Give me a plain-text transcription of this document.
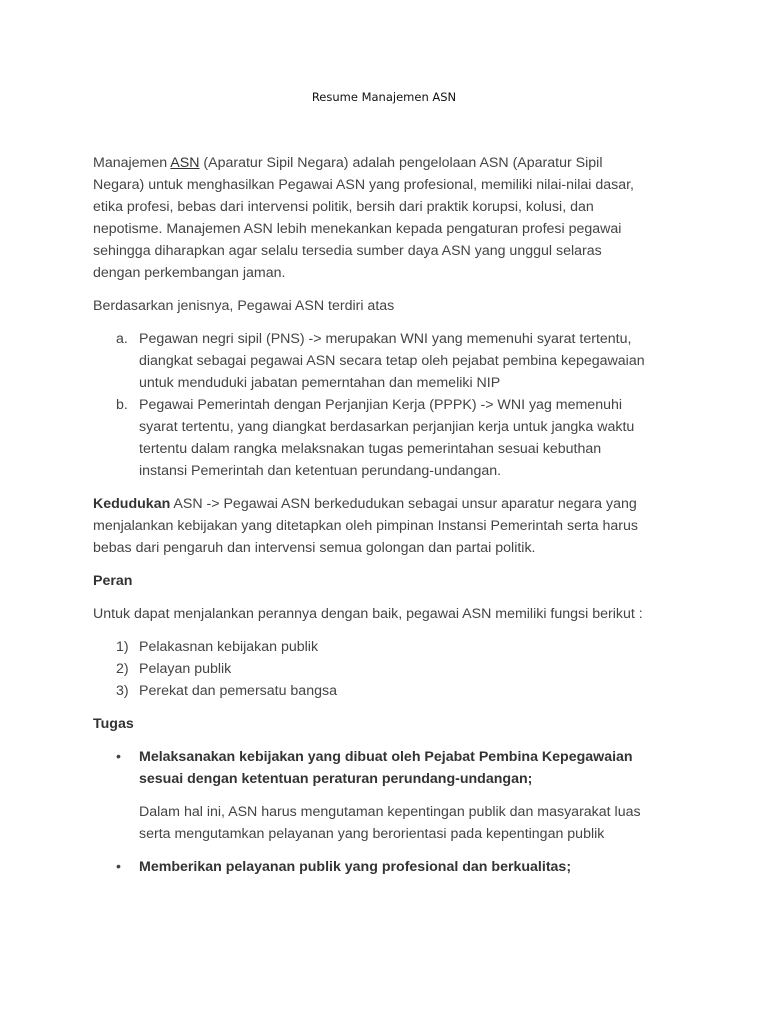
Resume Manajemen ASN

Manajemen ASN (Aparatur Sipil Negara) adalah pengelolaan ASN (Aparatur Sipil
Negara) untuk menghasilkan Pegawai ASN yang profesional, memiliki nilai-nilai dasar,
etika profesi, bebas dari intervensi politik, bersih dari praktik korupsi, kolusi, dan
nepotisme. Manajemen ASN lebih menekankan kepada pengaturan profesi pegawai
sehingga diharapkan agar selalu tersedia sumber daya ASN yang unggul selaras
dengan perkembangan jaman.

Berdasarkan jenisnya, Pegawai ASN terdiri atas

a. Pegawan negri sipil (PNS) -> merupakan WNI yang memenuhi syarat tertentu,
diangkat sebagai pegawai ASN secara tetap oleh pejabat pembina kepegawaian
untuk menduduki jabatan pemerntahan dan memeliki NIP
b. Pegawai Pemerintah dengan Perjanjian Kerja (PPPK) -> WNI yag memenuhi
syarat tertentu, yang diangkat berdasarkan perjanjian kerja untuk jangka waktu
tertentu dalam rangka melaksnakan tugas pemerintahan sesuai kebuthan
instansi Pemerintah dan ketentuan perundang-undangan.

Kedudukan ASN -> Pegawai ASN berkedudukan sebagai unsur aparatur negara yang
menjalankan kebijakan yang ditetapkan oleh pimpinan Instansi Pemerintah serta harus
bebas dari pengaruh dan intervensi semua golongan dan partai politik.

Peran

Untuk dapat menjalankan perannya dengan baik, pegawai ASN memiliki fungsi berikut :

1) Pelakasnan kebijakan publik
2) Pelayan publik
3) Perekat dan pemersatu bangsa

Tugas

•	Melaksanakan kebijakan yang dibuat oleh Pejabat Pembina Kepegawaian
sesuai dengan ketentuan peraturan perundang-undangan;

Dalam hal ini, ASN harus mengutaman kepentingan publik dan masyarakat luas
serta mengutamkan pelayanan yang berorientasi pada kepentingan publik

•	Memberikan pelayanan publik yang profesional dan berkualitas;
